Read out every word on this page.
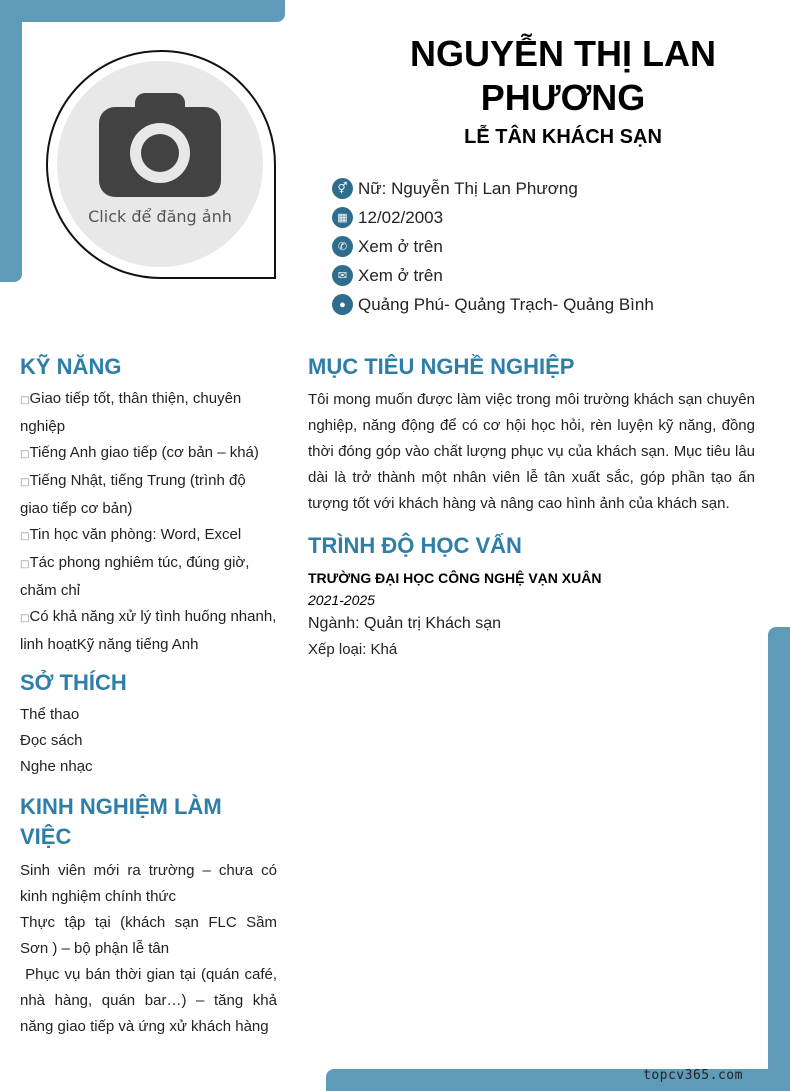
Click để đăng ảnh
NGUYỄN THỊ LAN PHƯƠNG
LỄ TÂN KHÁCH SẠN
⚥ Nữ: Nguyễn Thị Lan Phương
▦ 12/02/2003
✆ Xem ở trên
✉ Xem ở trên
● Quảng Phú- Quảng Trạch- Quảng Bình
KỸ NĂNG
□Giao tiếp tốt, thân thiện, chuyên nghiệp
□Tiếng Anh giao tiếp (cơ bản – khá)
□Tiếng Nhật, tiếng Trung (trình độ giao tiếp cơ bản)
□Tin học văn phòng: Word, Excel
□Tác phong nghiêm túc, đúng giờ, chăm chỉ
□Có khả năng xử lý tình huống nhanh, linh hoạtKỹ năng tiếng Anh
SỞ THÍCH
Thể thao
Đọc sách
Nghe nhạc
KINH NGHIỆM LÀM VIỆC
Sinh viên mới ra trường – chưa có kinh nghiệm chính thức
Thực tập tại (khách sạn FLC Sầm Sơn ) – bộ phận lễ tân
Phục vụ bán thời gian tại (quán café, nhà hàng, quán bar…) – tăng khả năng giao tiếp và ứng xử khách hàng
MỤC TIÊU NGHỀ NGHIỆP
Tôi mong muốn được làm việc trong môi trường khách sạn chuyên nghiệp, năng động để có cơ hội học hỏi, rèn luyện kỹ năng, đồng thời đóng góp vào chất lượng phục vụ của khách sạn. Mục tiêu lâu dài là trở thành một nhân viên lễ tân xuất sắc, góp phần tạo ấn tượng tốt với khách hàng và nâng cao hình ảnh của khách sạn.
TRÌNH ĐỘ HỌC VẤN
TRƯỜNG ĐẠI HỌC CÔNG NGHỆ VẠN XUÂN
2021-2025
Ngành: Quản trị Khách sạn
Xếp loại: Khá
topcv365.com
